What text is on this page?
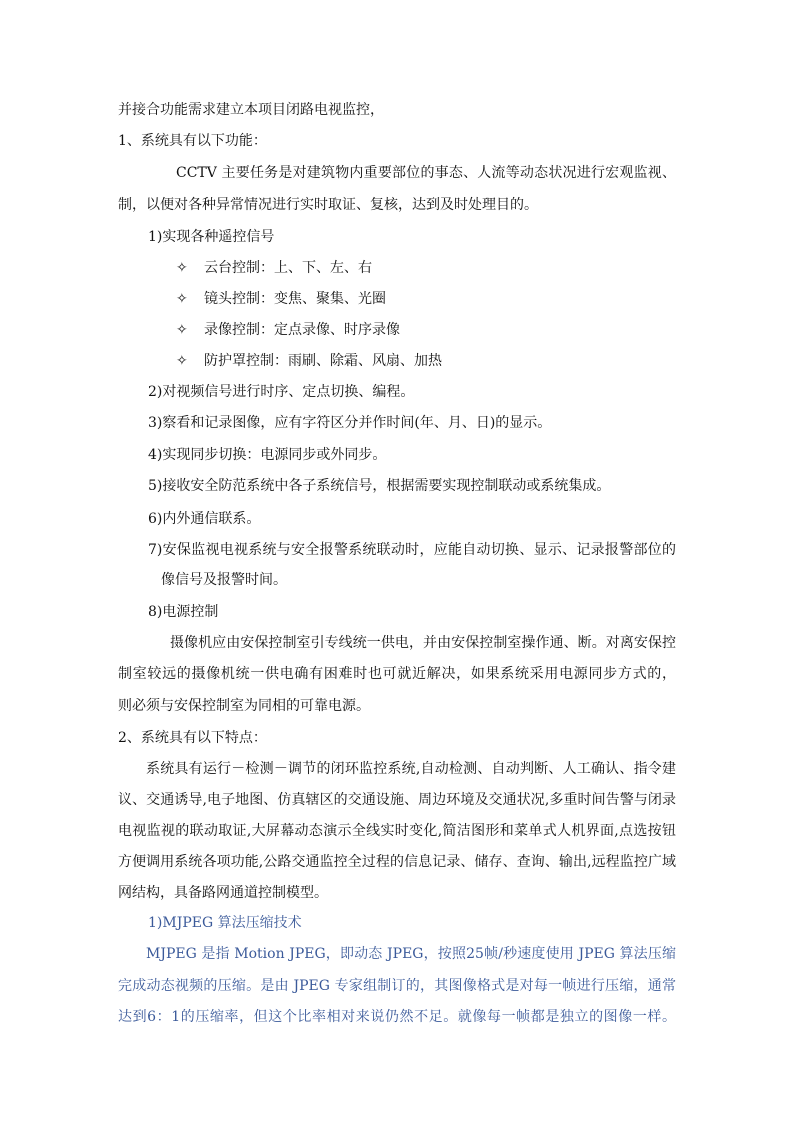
并接合功能需求建立本项目闭路电视监控，
1、系统具有以下功能：
CCTV 主要任务是对建筑物内重要部位的事态、人流等动态状况进行宏观监视、
制，以便对各种异常情况进行实时取证、复核，达到及时处理目的。
1)实现各种遥控信号
✧ 云台控制：上、下、左、右
✧ 镜头控制：变焦、聚集、光圈
✧ 录像控制：定点录像、时序录像
✧ 防护罩控制：雨刷、除霜、风扇、加热
2)对视频信号进行时序、定点切换、编程。
3)察看和记录图像，应有字符区分并作时间(年、月、日)的显示。
4)实现同步切换：电源同步或外同步。
5)接收安全防范系统中各子系统信号，根据需要实现控制联动或系统集成。
6)内外通信联系。
7)安保监视电视系统与安全报警系统联动时，应能自动切换、显示、记录报警部位的
像信号及报警时间。
8)电源控制
摄像机应由安保控制室引专线统一供电，并由安保控制室操作通、断。对离安保控
制室较远的摄像机统一供电确有困难时也可就近解决，如果系统采用电源同步方式的，
则必须与安保控制室为同相的可靠电源。
2、系统具有以下特点：
系统具有运行－检测－调节的闭环监控系统,自动检测、自动判断、人工确认、指令建
议、交通诱导,电子地图、仿真辖区的交通设施、周边环境及交通状况,多重时间告警与闭录
电视监视的联动取证,大屏幕动态演示全线实时变化,简洁图形和菜单式人机界面,点选按钮
方便调用系统各项功能,公路交通监控全过程的信息记录、储存、查询、输出,远程监控广域
网结构，具备路网通道控制模型。
1)MJPEG 算法压缩技术
MJPEG 是指 Motion JPEG，即动态 JPEG，按照25帧/秒速度使用 JPEG 算法压缩
完成动态视频的压缩。是由 JPEG 专家组制订的，其图像格式是对每一帧进行压缩，通常
达到6：1的压缩率，但这个比率相对来说仍然不足。就像每一帧都是独立的图像一样。
